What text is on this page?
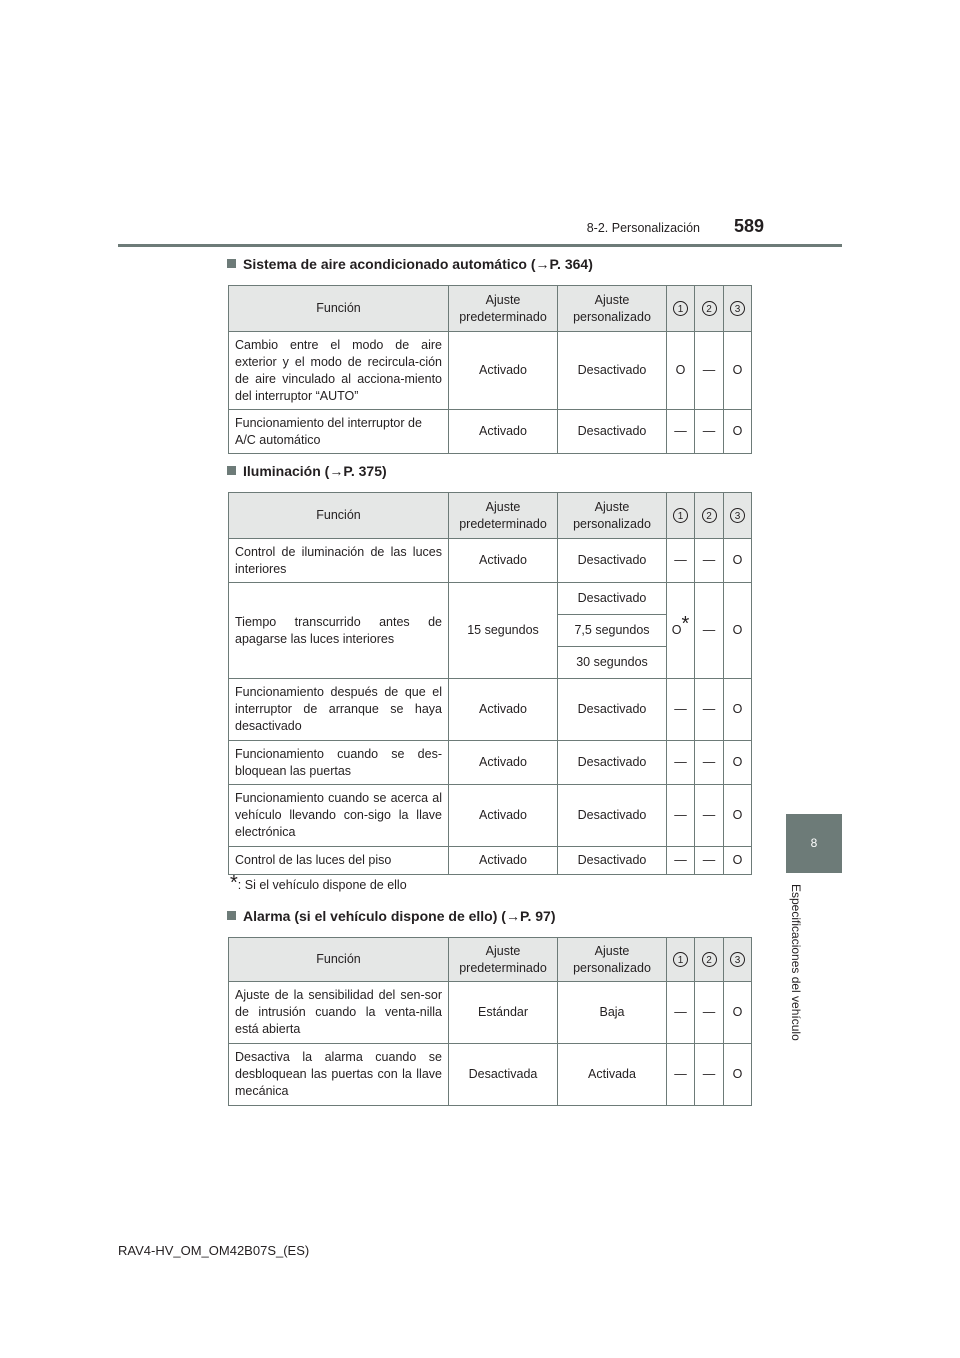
8-2. Personalización 589
8
Especificaciones del vehículo
Sistema de aire acondicionado automático (→P. 364)
Función	Ajuste predeterminado	Ajuste personalizado	1	2	3
Cambio entre el modo de aire exterior y el modo de recircula-ción de aire vinculado al acciona-miento del interruptor “AUTO”	Activado	Desactivado	O	—	O
Funcionamiento del interruptor de A/C automático	Activado	Desactivado	—	—	O
Iluminación (→P. 375)
Función	Ajuste predeterminado	Ajuste personalizado	1	2	3
Control de iluminación de las luces interiores	Activado	Desactivado	—	—	O
Tiempo transcurrido antes de apagarse las luces interiores	15 segundos	Desactivado	O*	—	O
		7,5 segundos			
		30 segundos			
Funcionamiento después de que el interruptor de arranque se haya desactivado	Activado	Desactivado	—	—	O
Funcionamiento cuando se des-bloquean las puertas	Activado	Desactivado	—	—	O
Funcionamiento cuando se acerca al vehículo llevando con-sigo la llave electrónica	Activado	Desactivado	—	—	O
Control de las luces del piso	Activado	Desactivado	—	—	O
*: Si el vehículo dispone de ello
Alarma (si el vehículo dispone de ello) (→P. 97)
Función	Ajuste predeterminado	Ajuste personalizado	1	2	3
Ajuste de la sensibilidad del sen-sor de intrusión cuando la venta-nilla está abierta	Estándar	Baja	—	—	O
Desactiva la alarma cuando se desbloquean las puertas con la llave mecánica	Desactivada	Activada	—	—	O
RAV4-HV_OM_OM42B07S_(ES)
